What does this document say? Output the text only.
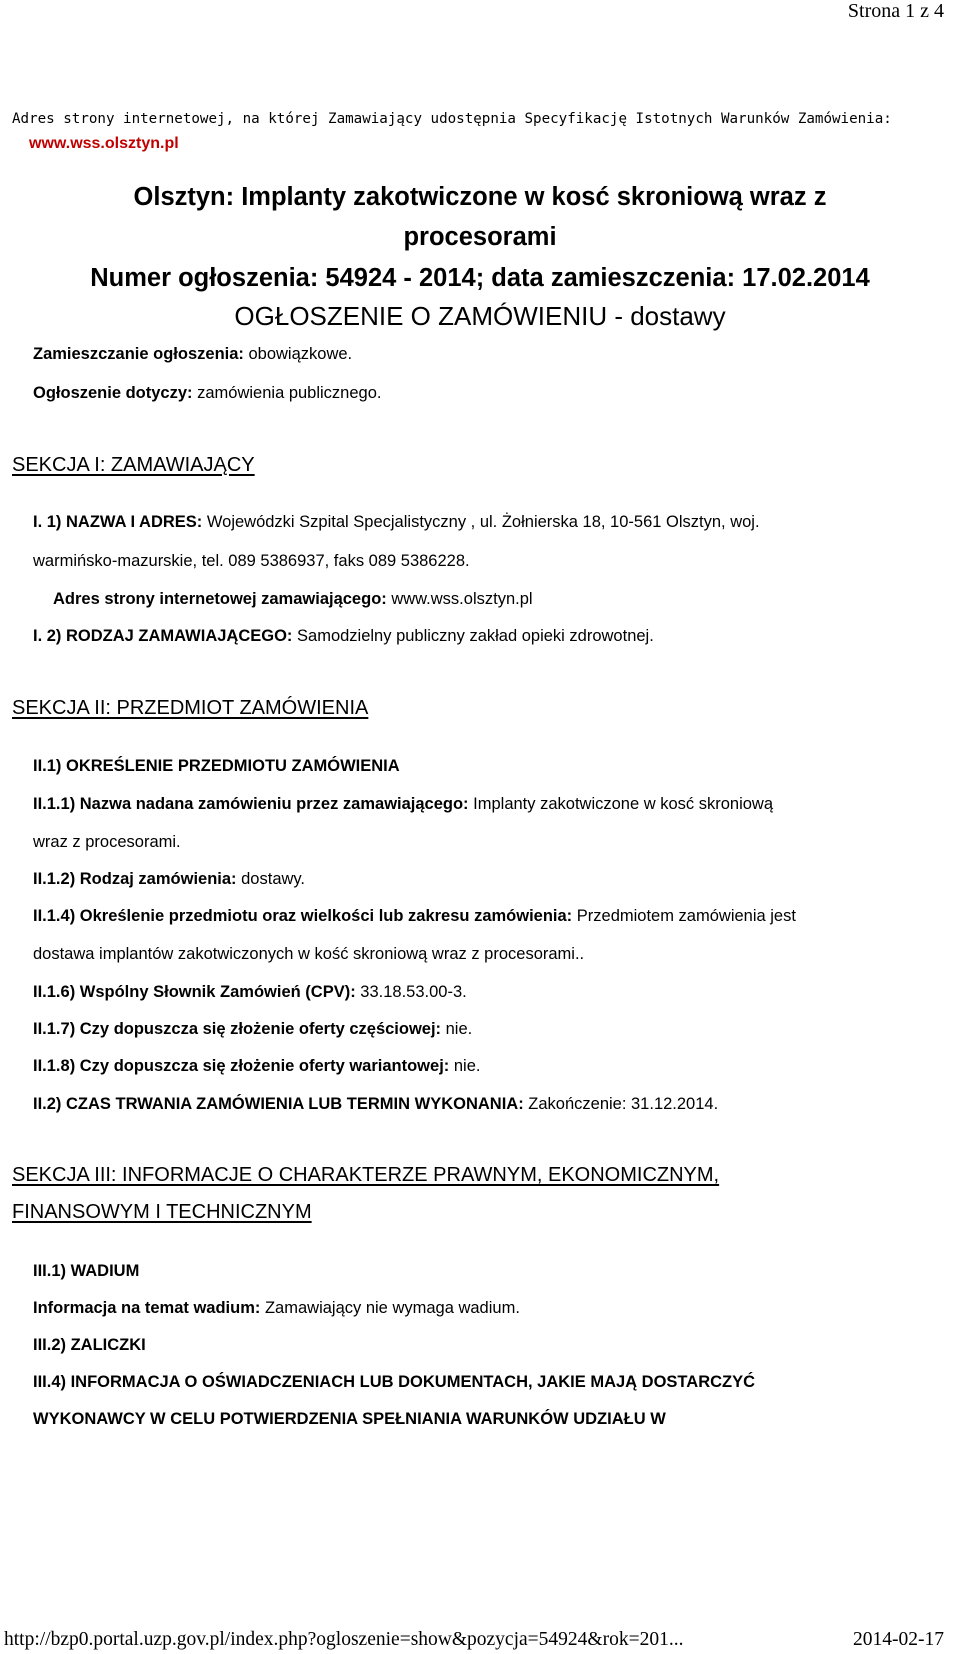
Strona 1 z 4
Adres strony internetowej, na której Zamawiający udostępnia Specyfikację Istotnych Warunków Zamówienia:
www.wss.olsztyn.pl
Olsztyn: Implanty zakotwiczone w kosć skroniową wraz z
procesorami
Numer ogłoszenia: 54924 - 2014; data zamieszczenia: 17.02.2014
OGŁOSZENIE O ZAMÓWIENIU - dostawy
Zamieszczanie ogłoszenia: obowiązkowe.
Ogłoszenie dotyczy: zamówienia publicznego.
SEKCJA I: ZAMAWIAJĄCY
I. 1) NAZWA I ADRES: Wojewódzki Szpital Specjalistyczny , ul. Żołnierska 18, 10-561 Olsztyn, woj.
warmińsko-mazurskie, tel. 089 5386937, faks 089 5386228.
Adres strony internetowej zamawiającego: www.wss.olsztyn.pl
I. 2) RODZAJ ZAMAWIAJĄCEGO: Samodzielny publiczny zakład opieki zdrowotnej.
SEKCJA II: PRZEDMIOT ZAMÓWIENIA
II.1) OKREŚLENIE PRZEDMIOTU ZAMÓWIENIA
II.1.1) Nazwa nadana zamówieniu przez zamawiającego: Implanty zakotwiczone w kosć skroniową
wraz z procesorami.
II.1.2) Rodzaj zamówienia: dostawy.
II.1.4) Określenie przedmiotu oraz wielkości lub zakresu zamówienia: Przedmiotem zamówienia jest
dostawa implantów zakotwiczonych w kość skroniową wraz z procesorami..
II.1.6) Wspólny Słownik Zamówień (CPV): 33.18.53.00-3.
II.1.7) Czy dopuszcza się złożenie oferty częściowej: nie.
II.1.8) Czy dopuszcza się złożenie oferty wariantowej: nie.
II.2) CZAS TRWANIA ZAMÓWIENIA LUB TERMIN WYKONANIA: Zakończenie: 31.12.2014.
SEKCJA III: INFORMACJE O CHARAKTERZE PRAWNYM, EKONOMICZNYM,
FINANSOWYM I TECHNICZNYM
III.1) WADIUM
Informacja na temat wadium: Zamawiający nie wymaga wadium.
III.2) ZALICZKI
III.4) INFORMACJA O OŚWIADCZENIACH LUB DOKUMENTACH, JAKIE MAJĄ DOSTARCZYĆ
WYKONAWCY W CELU POTWIERDZENIA SPEŁNIANIA WARUNKÓW UDZIAŁU W
http://bzp0.portal.uzp.gov.pl/index.php?ogloszenie=show&pozycja=54924&rok=201...	2014-02-17
